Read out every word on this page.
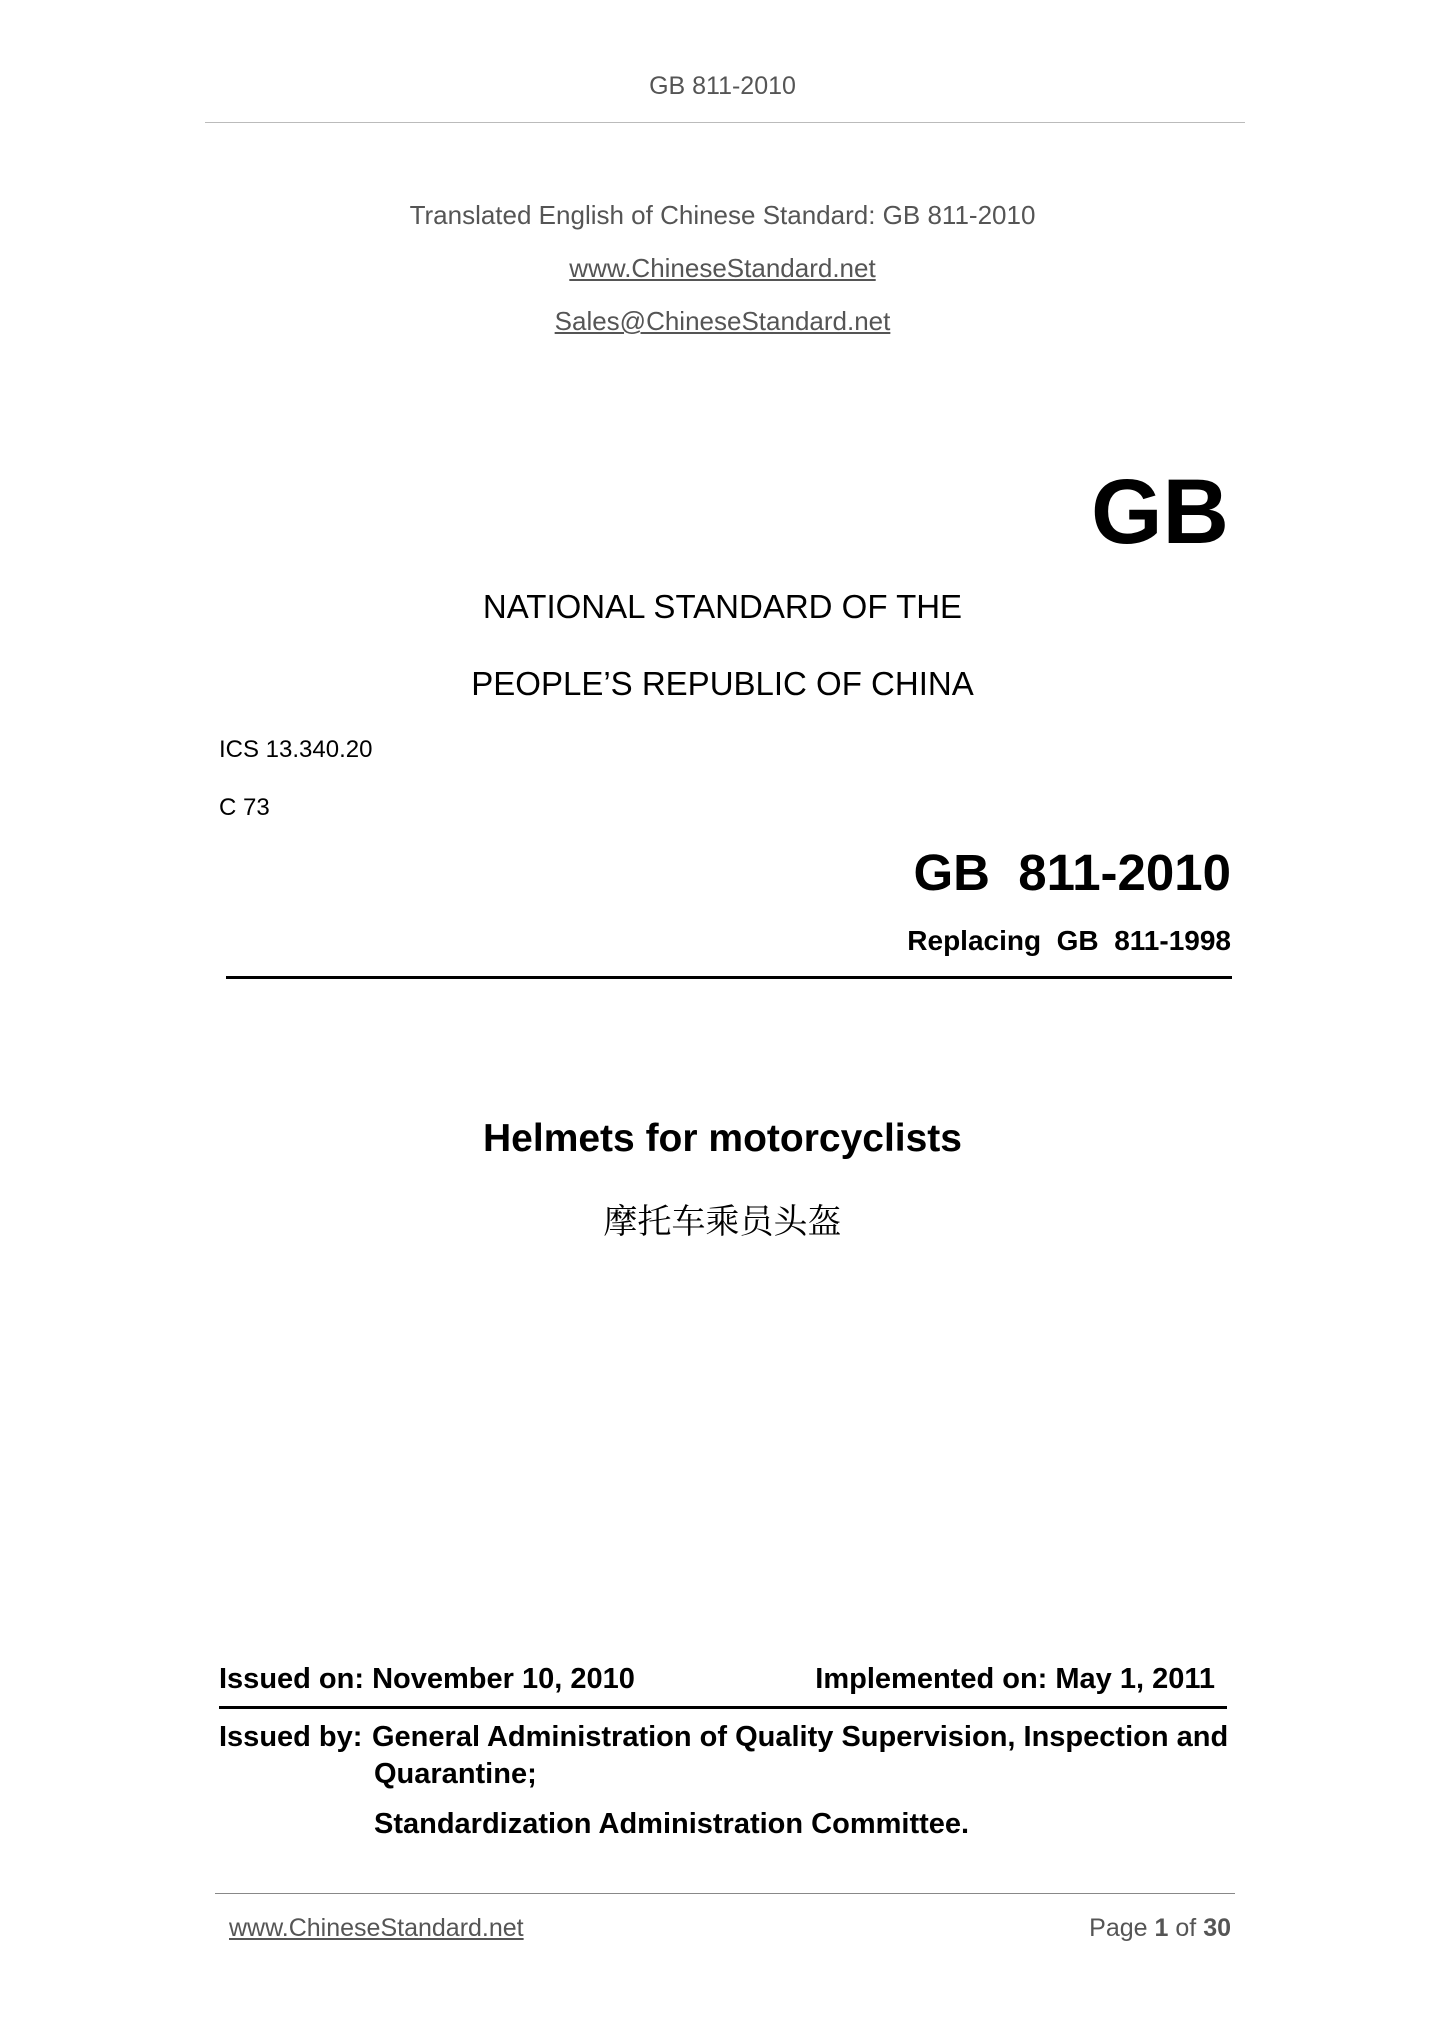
GB 811-2010
Translated English of Chinese Standard: GB 811-2010
www.ChineseStandard.net
Sales@ChineseStandard.net
GB
NATIONAL STANDARD OF THE
PEOPLE’S REPUBLIC OF CHINA
ICS 13.340.20
C 73
GB  811-2010
Replacing  GB  811-1998
Helmets for motorcyclists
摩托车乘员头盔
Issued on: November 10, 2010	Implemented on: May 1, 2011
Issued by: General Administration of Quality Supervision, Inspection and
Quarantine;
Standardization Administration Committee.
www.ChineseStandard.net	Page 1 of 30
